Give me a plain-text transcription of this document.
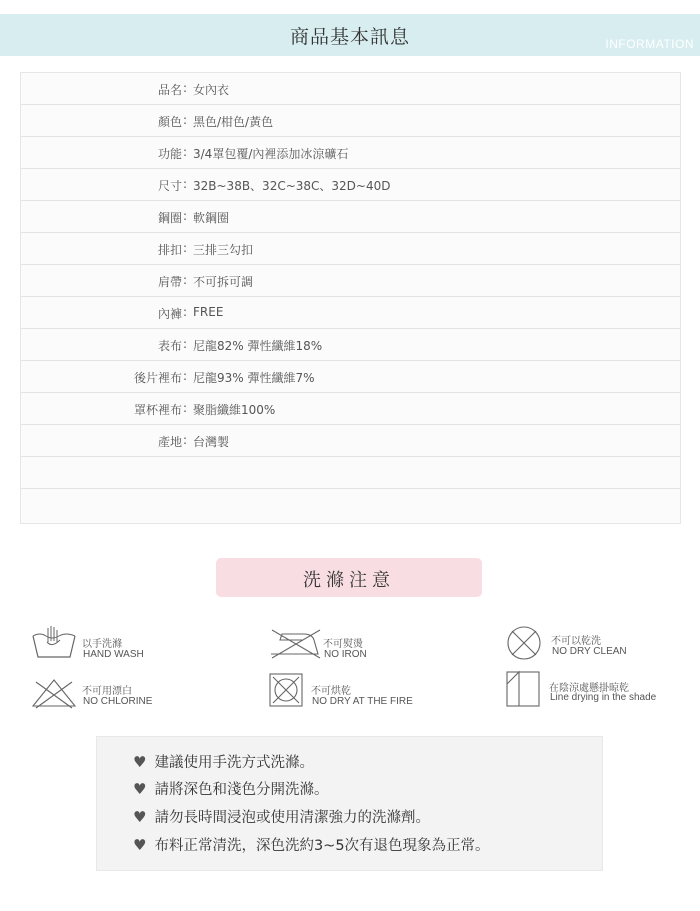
商品基本訊息	INFORMATION
品名 : 女內衣
顏色 : 黑色/柑色/黃色
功能 : 3/4罩包覆/內裡添加冰涼礦石
尺寸 : 32B~38B、32C~38C、32D~40D
鋼圈 : 軟鋼圈
排扣 : 三排三勾扣
肩帶 : 不可拆可調
內褲 : FREE
表布 : 尼龍82% 彈性纖維18%
後片裡布 : 尼龍93% 彈性纖維7%
罩杯裡布 : 聚脂纖維100%
產地 : 台灣製
洗滌注意
以手洗滌
HAND WASH
不可熨燙
NO IRON
不可以乾洗
NO DRY CLEAN
不可用漂白
NO CHLORINE
不可烘乾
NO DRY AT THE FIRE
在陰涼處懸掛晾乾
Line drying in the shade
♥ 建議使用手洗方式洗滌。
♥ 請將深色和淺色分開洗滌。
♥ 請勿長時間浸泡或使用清潔強力的洗滌劑。
♥ 布料正常清洗，深色洗約3~5次有退色現象為正常。
